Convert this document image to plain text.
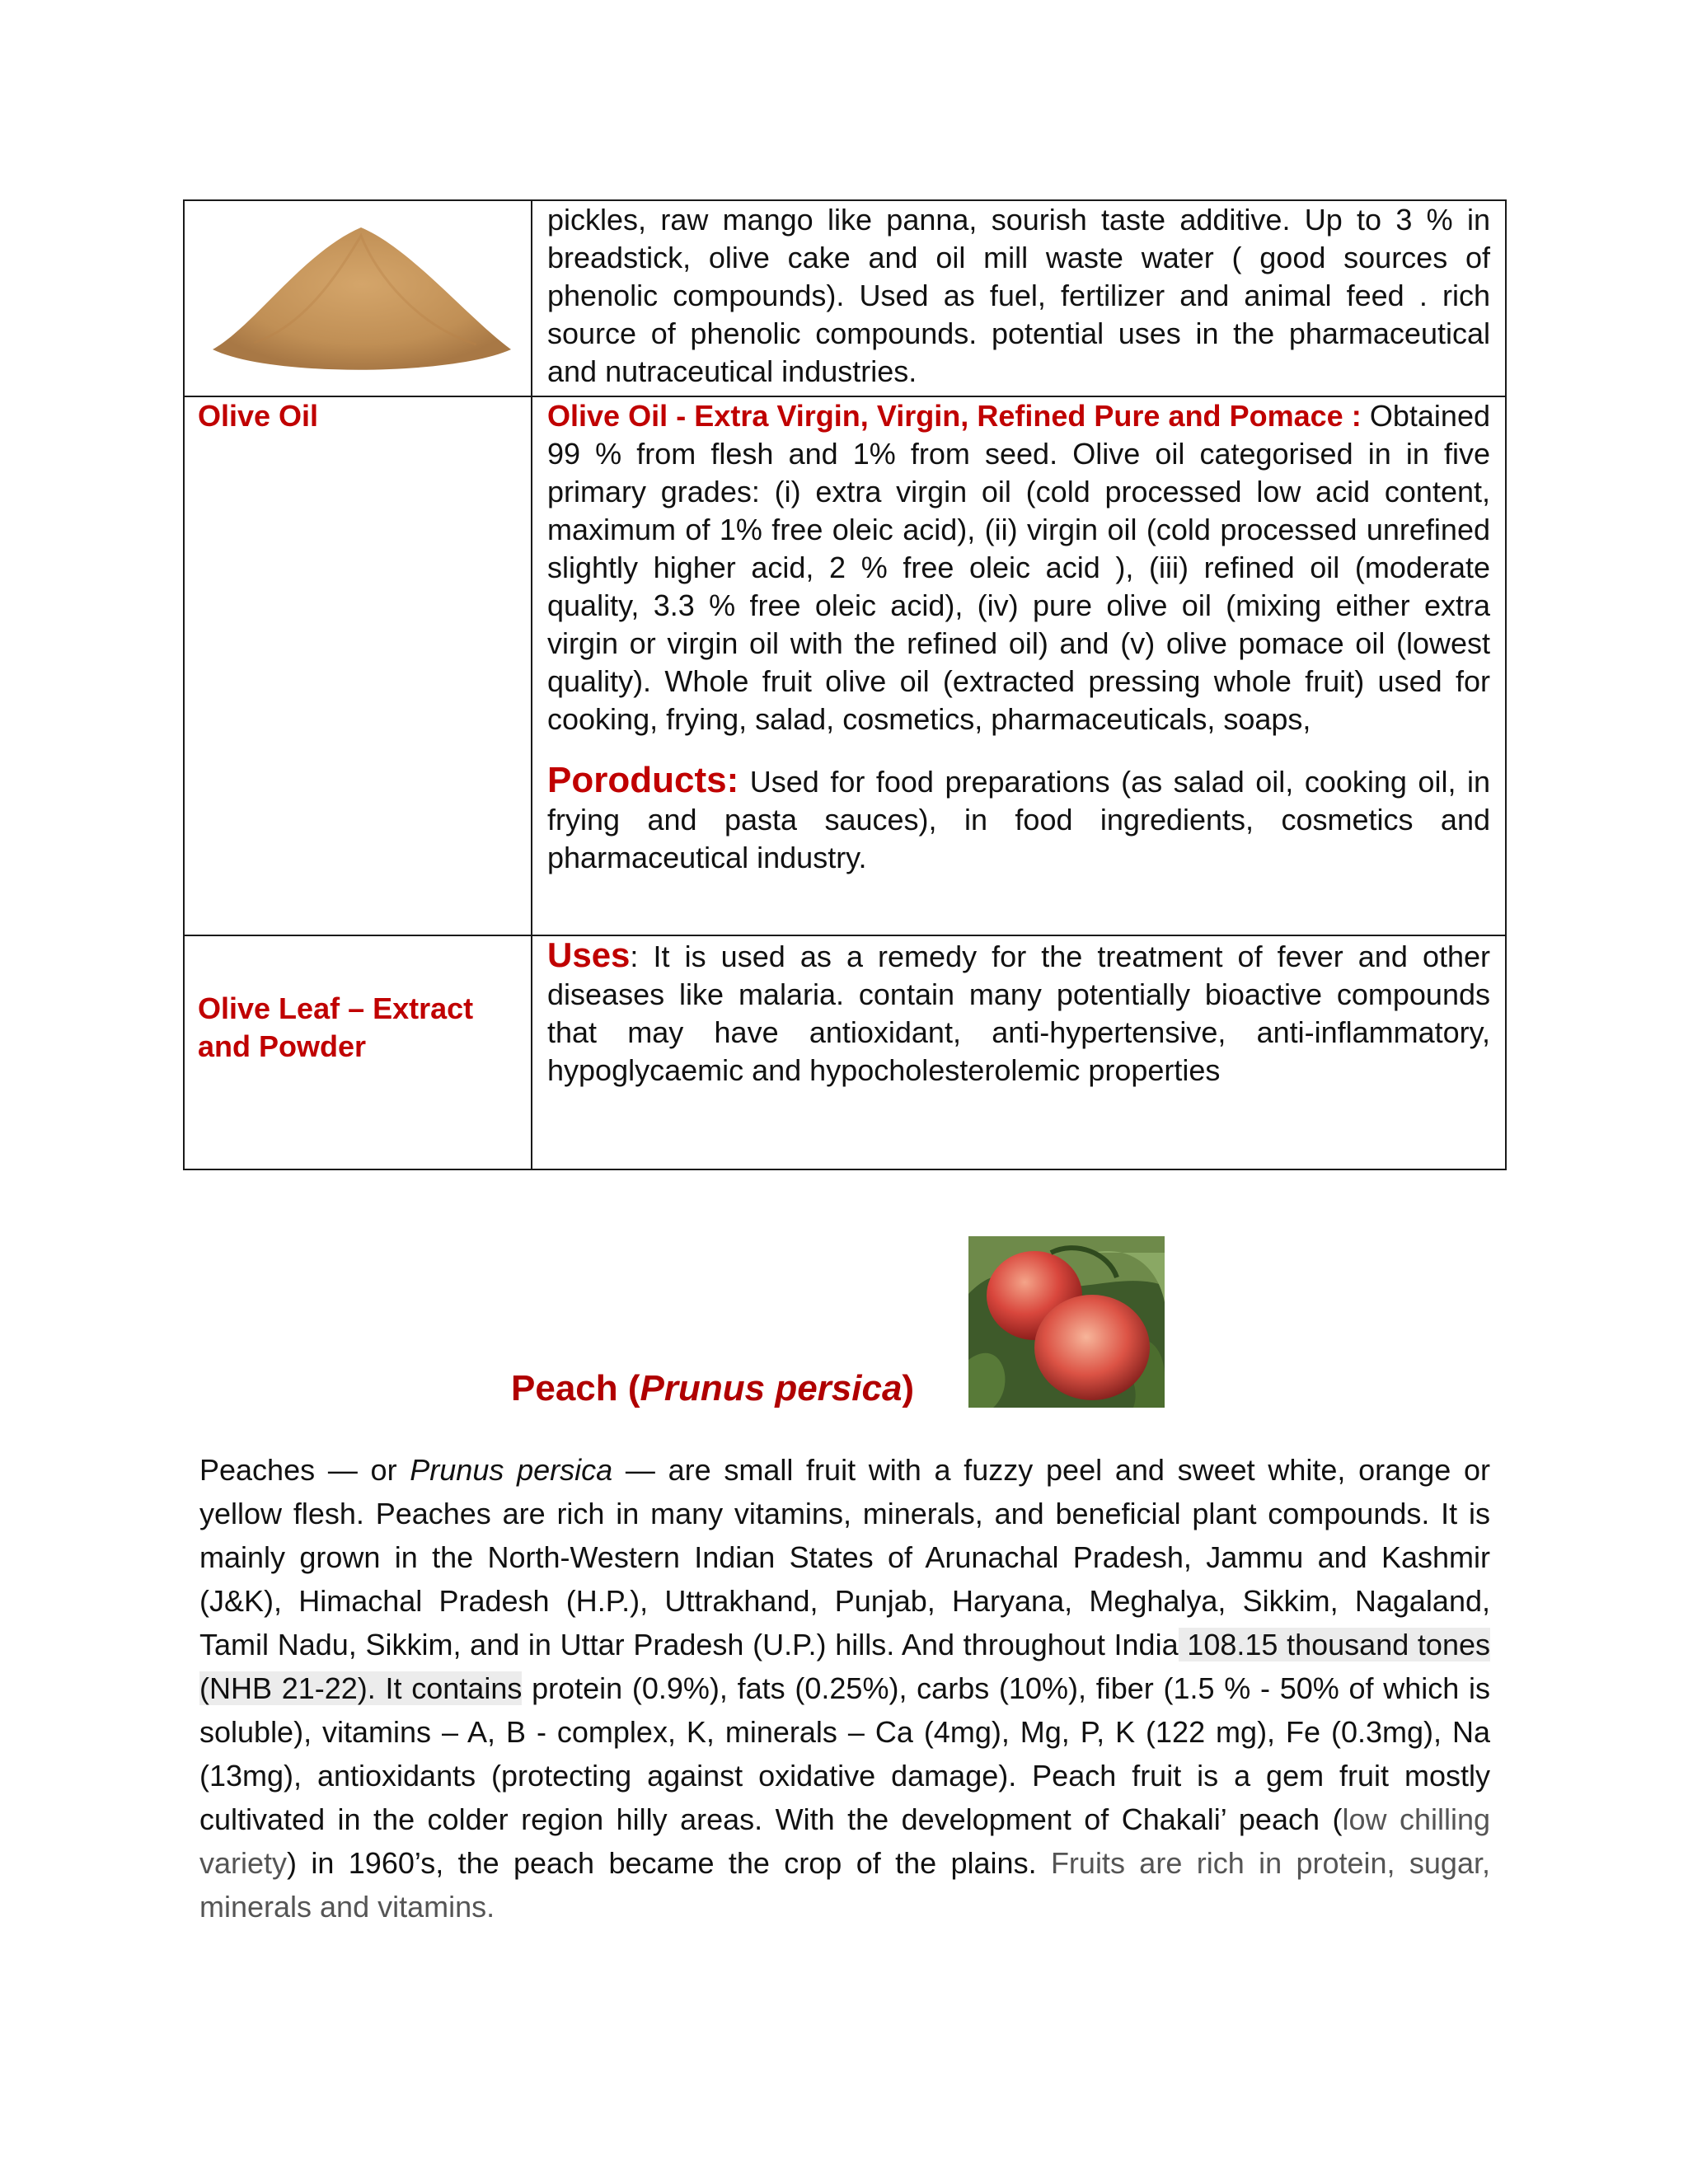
pickles, raw mango like panna, sourish taste additive. Up to 3 % in breadstick, olive cake and oil mill waste water ( good sources of phenolic compounds). Used as fuel, fertilizer and animal feed . rich source of phenolic compounds. potential uses in the pharmaceutical and nutraceutical industries.

Olive Oil	Olive Oil - Extra Virgin, Virgin, Refined Pure and Pomace : Obtained 99 % from flesh and 1% from seed. Olive oil categorised in in five primary grades: (i) extra virgin oil (cold processed low acid content, maximum of 1% free oleic acid), (ii) virgin oil (cold processed unrefined slightly higher acid, 2 % free oleic acid ), (iii) refined oil (moderate quality, 3.3 % free oleic acid), (iv) pure olive oil (mixing either extra virgin or virgin oil with the refined oil) and (v) olive pomace oil (lowest quality). Whole fruit olive oil (extracted pressing whole fruit) used for cooking, frying, salad, cosmetics, pharmaceuticals, soaps,
Poroducts: Used for food preparations (as salad oil, cooking oil, in frying and pasta sauces), in food ingredients, cosmetics and pharmaceutical industry.

Olive Leaf – Extract and Powder	Uses: It is used as a remedy for the treatment of fever and other diseases like malaria. contain many potentially bioactive compounds that may have antioxidant, anti-hypertensive, anti-inflammatory, hypoglycaemic and hypocholesterolemic properties
Peach (Prunus persica)
Peaches — or Prunus persica — are small fruit with a fuzzy peel and sweet white, orange or yellow flesh. Peaches are rich in many vitamins, minerals, and beneficial plant compounds. It is mainly grown in the North-Western Indian States of Arunachal Pradesh, Jammu and Kashmir (J&K), Himachal Pradesh (H.P.), Uttrakhand, Punjab, Haryana, Meghalya, Sikkim, Nagaland, Tamil Nadu, Sikkim, and in Uttar Pradesh (U.P.) hills. And throughout India 108.15 thousand tones (NHB 21-22). It contains protein (0.9%), fats (0.25%), carbs (10%), fiber (1.5 % - 50% of which is soluble), vitamins – A, B - complex, K, minerals – Ca (4mg), Mg, P, K (122 mg), Fe (0.3mg), Na (13mg), antioxidants (protecting against oxidative damage). Peach fruit is a gem fruit mostly cultivated in the colder region hilly areas. With the development of Chakali’ peach (low chilling variety) in 1960’s, the peach became the crop of the plains. Fruits are rich in protein, sugar, minerals and vitamins.
